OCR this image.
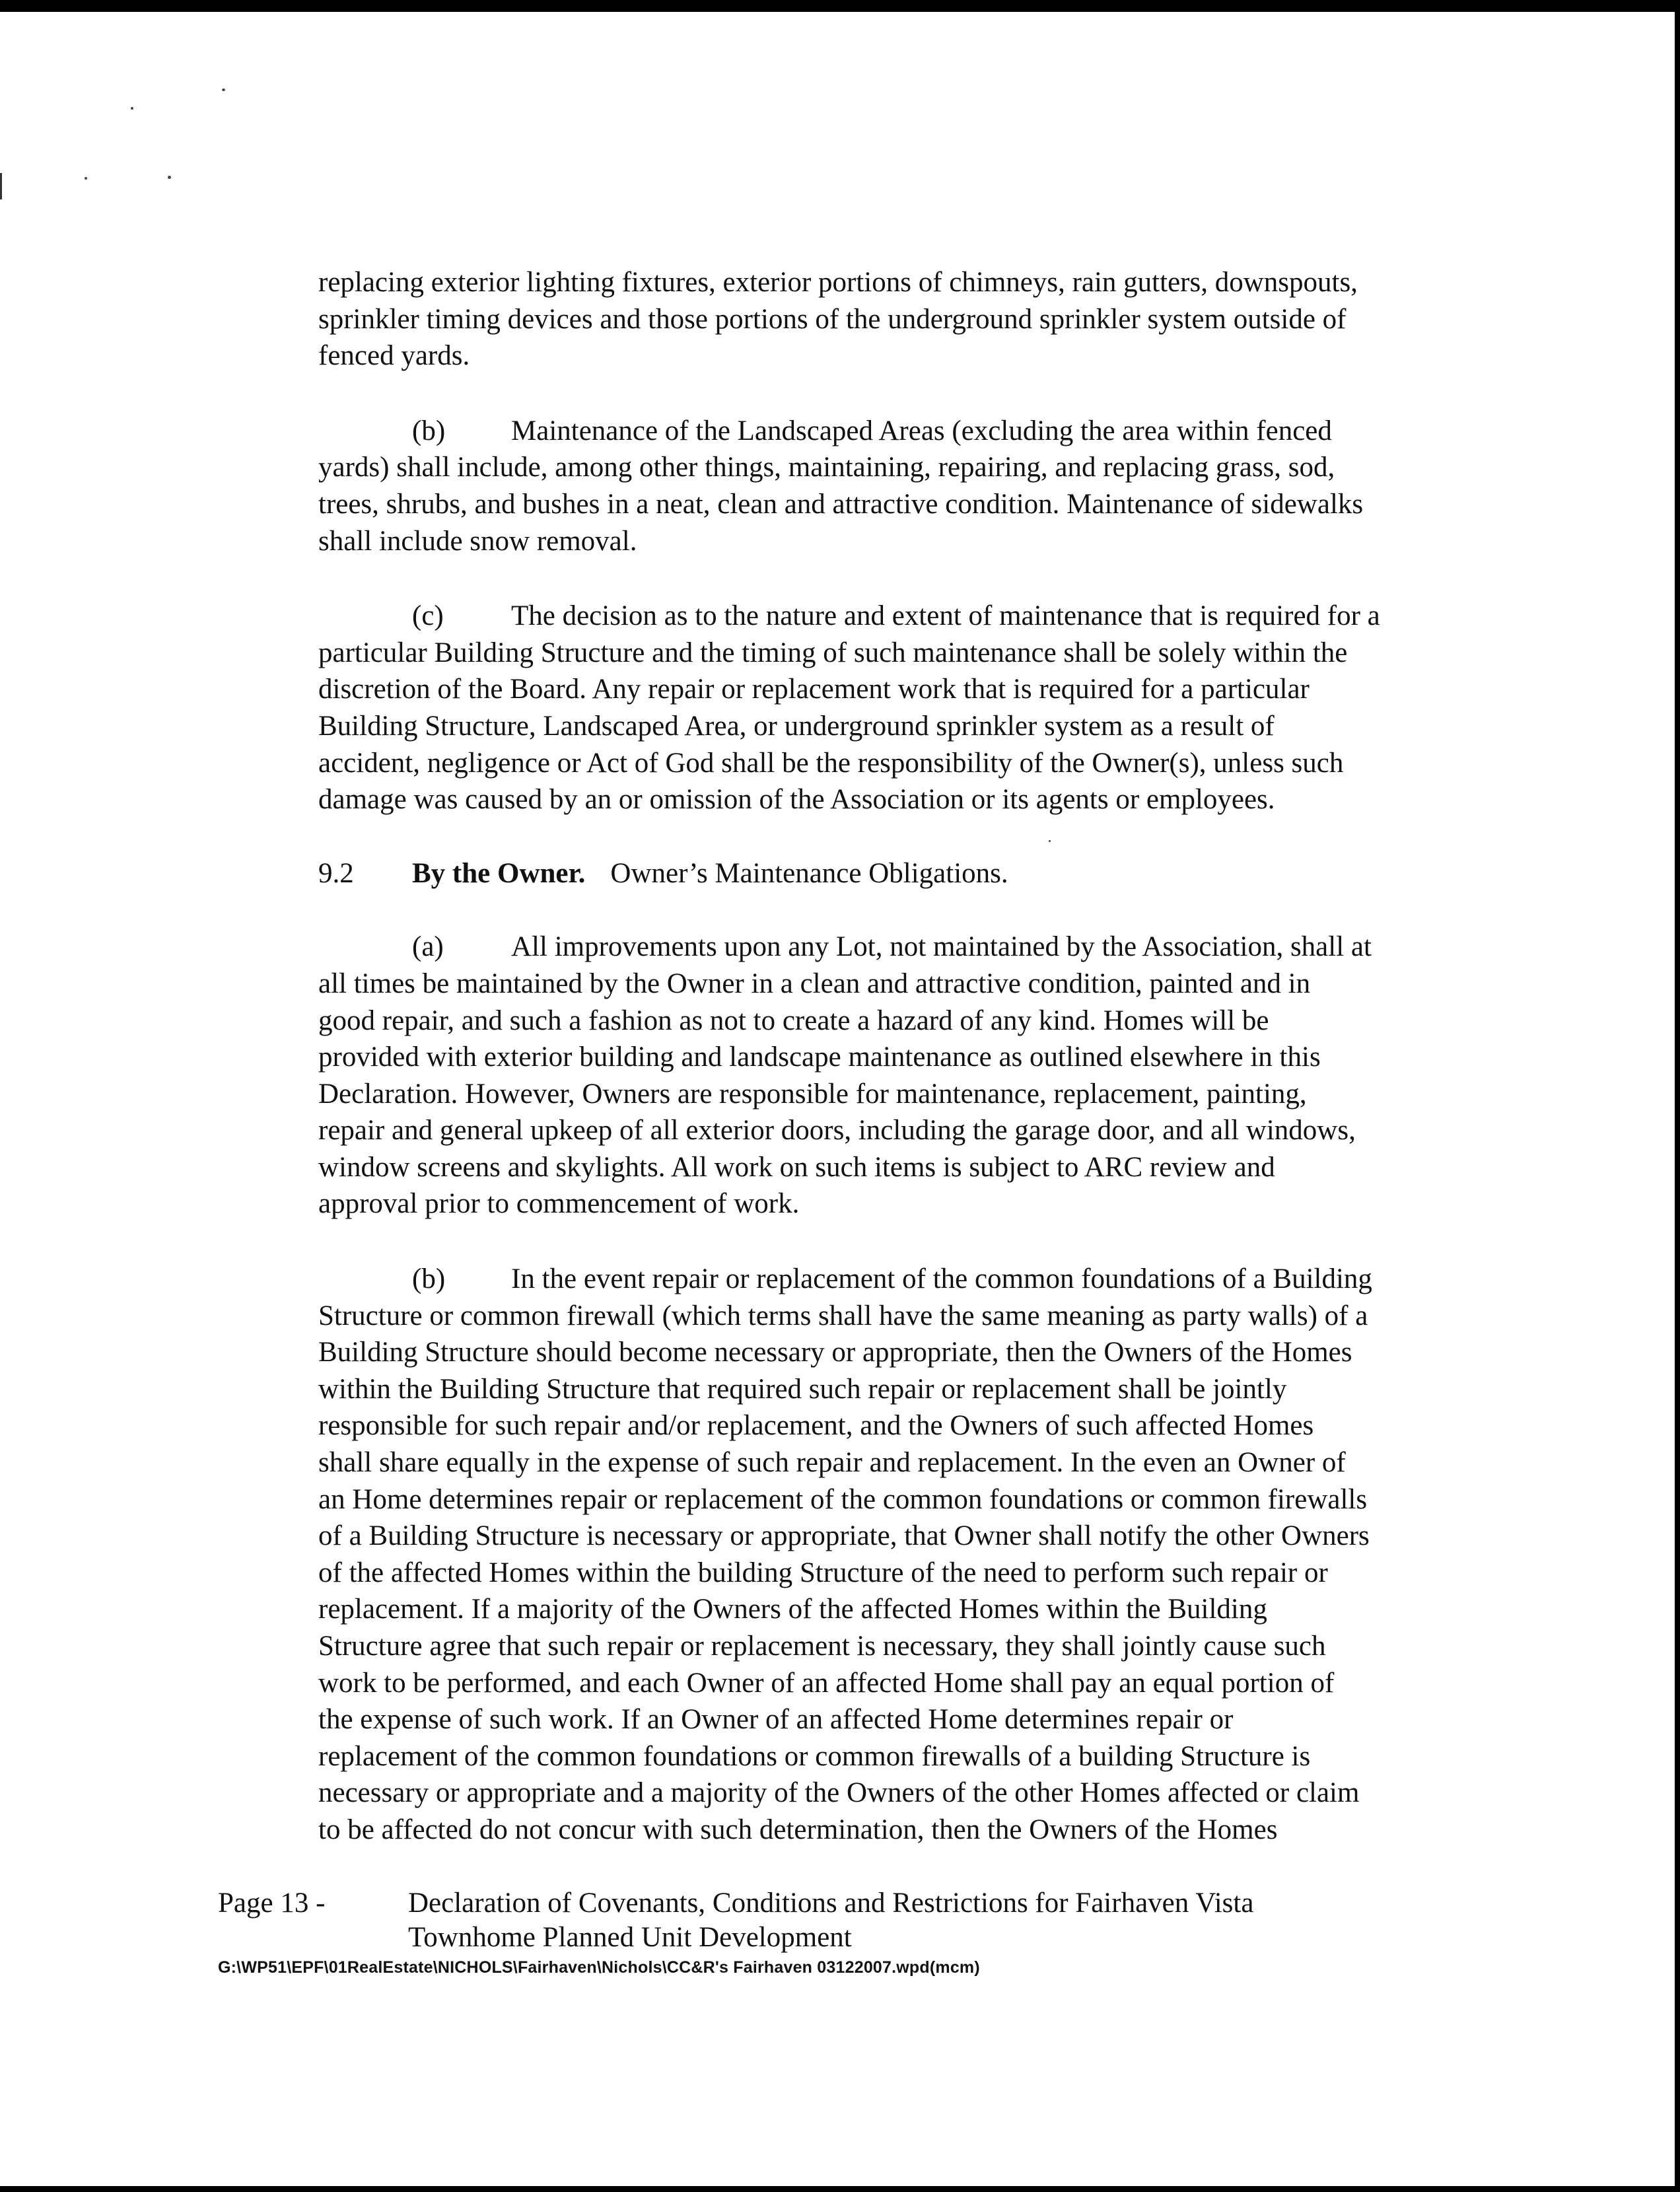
replacing exterior lighting fixtures, exterior portions of chimneys, rain gutters, downspouts,
sprinkler timing devices and those portions of the underground sprinkler system outside of
fenced yards.

(b) Maintenance of the Landscaped Areas (excluding the area within fenced
yards) shall include, among other things, maintaining, repairing, and replacing grass, sod,
trees, shrubs, and bushes in a neat, clean and attractive condition. Maintenance of sidewalks
shall include snow removal.

(c) The decision as to the nature and extent of maintenance that is required for a
particular Building Structure and the timing of such maintenance shall be solely within the
discretion of the Board. Any repair or replacement work that is required for a particular
Building Structure, Landscaped Area, or underground sprinkler system as a result of
accident, negligence or Act of God shall be the responsibility of the Owner(s), unless such
damage was caused by an or omission of the Association or its agents or employees.

9.2	By the Owner. Owner’s Maintenance Obligations.

(a) All improvements upon any Lot, not maintained by the Association, shall at
all times be maintained by the Owner in a clean and attractive condition, painted and in
good repair, and such a fashion as not to create a hazard of any kind. Homes will be
provided with exterior building and landscape maintenance as outlined elsewhere in this
Declaration. However, Owners are responsible for maintenance, replacement, painting,
repair and general upkeep of all exterior doors, including the garage door, and all windows,
window screens and skylights. All work on such items is subject to ARC review and
approval prior to commencement of work.

(b) In the event repair or replacement of the common foundations of a Building
Structure or common firewall (which terms shall have the same meaning as party walls) of a
Building Structure should become necessary or appropriate, then the Owners of the Homes
within the Building Structure that required such repair or replacement shall be jointly
responsible for such repair and/or replacement, and the Owners of such affected Homes
shall share equally in the expense of such repair and replacement. In the even an Owner of
an Home determines repair or replacement of the common foundations or common firewalls
of a Building Structure is necessary or appropriate, that Owner shall notify the other Owners
of the affected Homes within the building Structure of the need to perform such repair or
replacement. If a majority of the Owners of the affected Homes within the Building
Structure agree that such repair or replacement is necessary, they shall jointly cause such
work to be performed, and each Owner of an affected Home shall pay an equal portion of
the expense of such work. If an Owner of an affected Home determines repair or
replacement of the common foundations or common firewalls of a building Structure is
necessary or appropriate and a majority of the Owners of the other Homes affected or claim
to be affected do not concur with such determination, then the Owners of the Homes

Page 13 -	Declaration of Covenants, Conditions and Restrictions for Fairhaven Vista
Townhome Planned Unit Development
G:\WP51\EPF\01RealEstate\NICHOLS\Fairhaven\Nichols\CC&R's Fairhaven 03122007.wpd(mcm)
